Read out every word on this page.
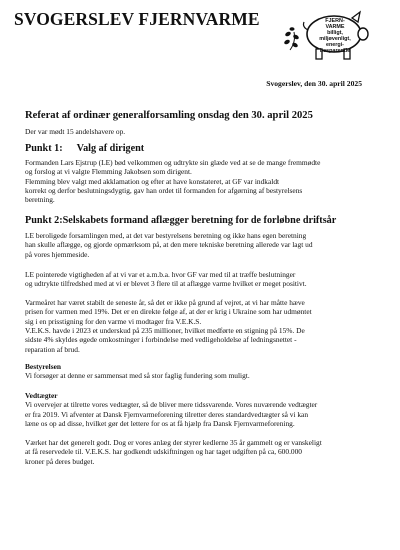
SVOGERSLEV FJERNVARME	FJERN-
VARME
billigt,
miljøvenligt,
energi-
besparende
Svogerslev, den 30. april 2025
Referat af ordinær generalforsamling onsdag den 30. april 2025
Der var mødt 15 andelshavere op.
Punkt 1: Valg af dirigent
Formanden Lars Ejstrup (LE) bød velkommen og udtrykte sin glæde ved at se de mange fremmødte
og forslog at vi valgte Flemming Jakobsen som dirigent.
Flemming blev valgt med akklamation og efter at have konstateret, at GF var indkaldt
korrekt og derfor beslutningsdygtig, gav han ordet til formanden for afgørning af bestyrelsens
beretning.
Punkt 2:Selskabets formand aflægger beretning for de forløbne driftsår
LE beroligede forsamlingen med, at det var bestyrelsens beretning og ikke hans egen beretning
han skulle aflægge, og gjorde opmærksom på, at den mere tekniske beretning allerede var lagt ud
på vores hjemmeside.
LE pointerede vigtigheden af at vi var et a.m.b.a. hvor GF var med til at træffe beslutninger
og udtrykte tilfredshed med at vi er blevet 3 flere til at aflægge varme hvilket er meget positivt.
Varmeåret har været stabilt de seneste år, så det er ikke på grund af vejret, at vi har måtte hæve
prisen for varmen med 19%. Det er en direkte følge af, at der er krig i Ukraine som har udmøntet
sig i en prisstigning for den varme vi modtager fra V.E.K.S.
V.E.K.S. havde i 2023 et underskud på 235 millioner, hvilket medførte en stigning på 15%. De
sidste 4% skyldes øgede omkostninger i forbindelse med vedligeholdelse af ledningsnettet -
reparation af brud.
Bestyrelsen
Vi forsøger at denne er sammensat med så stor faglig fundering som muligt.
Vedtægter
Vi overvejer at tilrette vores vedtægter, så de bliver mere tidssvarende. Vores nuværende vedtægter
er fra 2019. Vi afventer at Dansk Fjernvarmeforening tilretter deres standardvedtægter så vi kan
læne os op ad disse, hvilket gør det lettere for os at få hjælp fra Dansk Fjernvarmeforening.
Værket har det generelt godt. Dog er vores anlæg der styrer kedlerne 35 år gammelt og er vanskeligt
at få reservedele til. V.E.K.S. har godkendt udskiftningen og har taget udgiften på ca, 600.000
kroner på deres budget.
